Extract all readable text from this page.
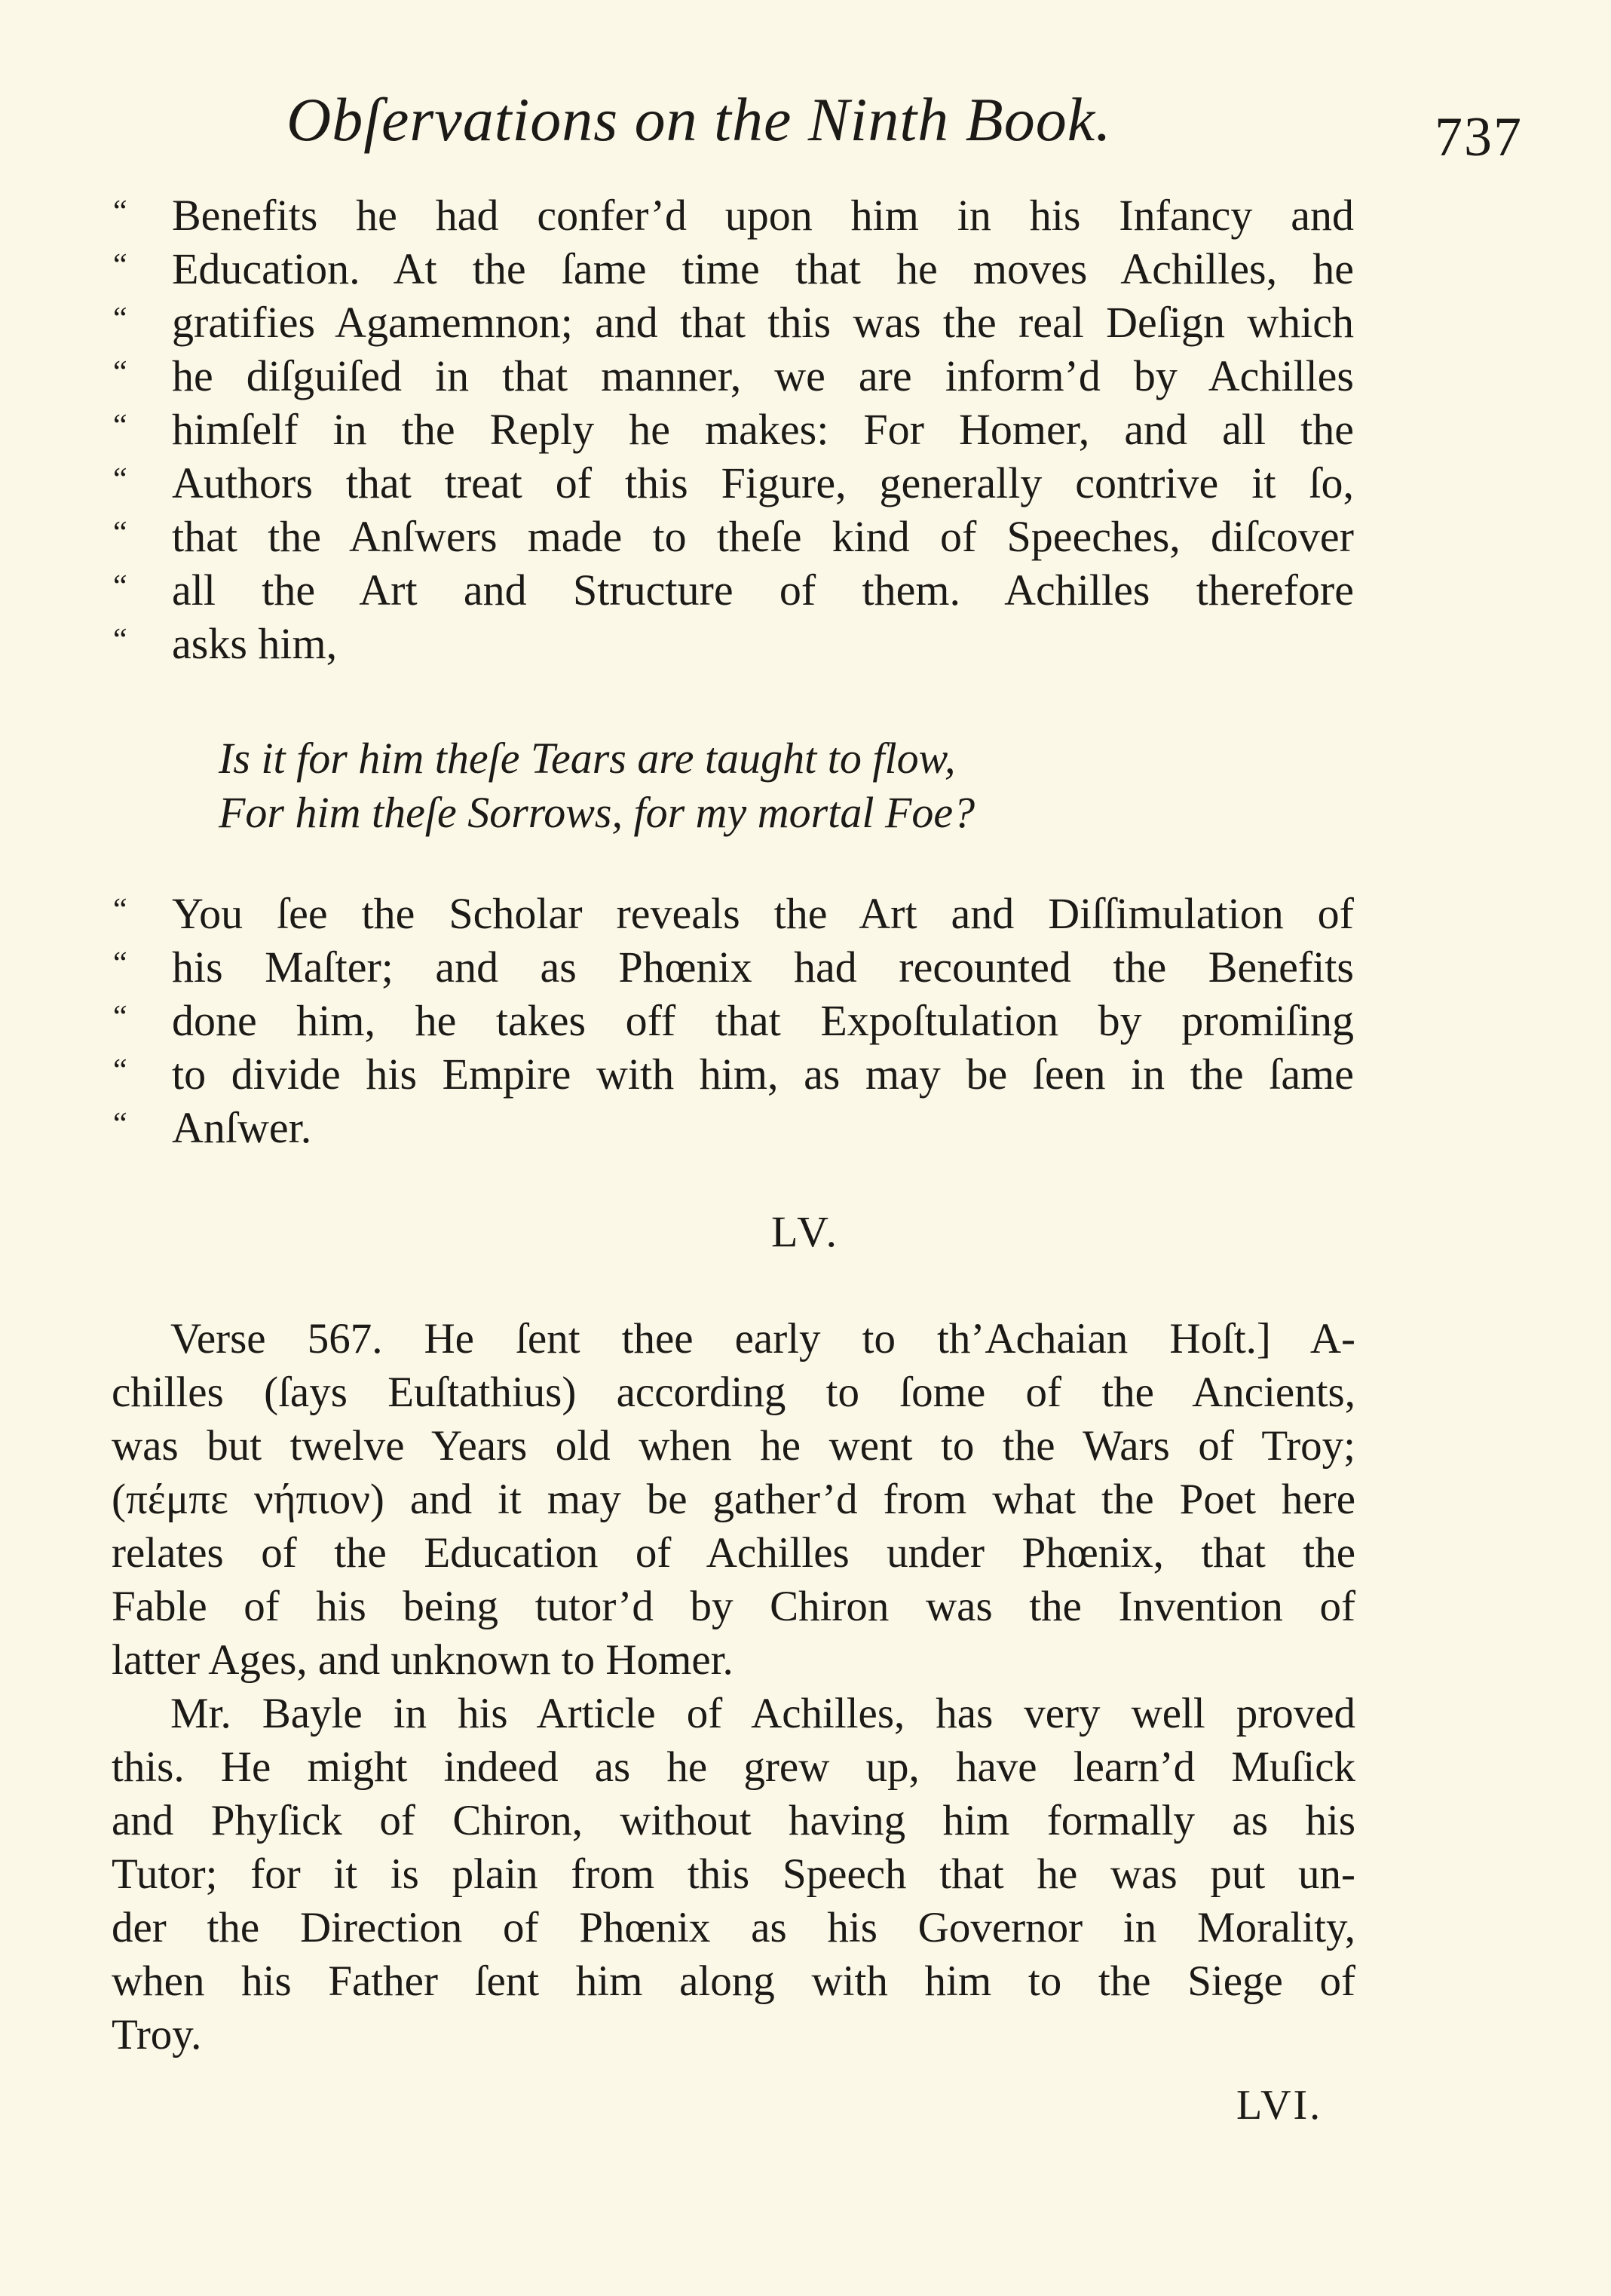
Obſervations on the Ninth Book.	737
“ Benefits he had confer’d upon him in his Infancy and
“ Education. At the ſame time that he moves Achilles, he
“ gratifies Agamemnon; and that this was the real Deſign which
“ he diſguiſed in that manner, we are inform’d by Achilles
“ himſelf in the Reply he makes: For Homer, and all the
“ Authors that treat of this Figure, generally contrive it ſo,
“ that the Anſwers made to theſe kind of Speeches, diſcover
“ all the Art and Structure of them. Achilles therefore
“ asks him,
Is it for him theſe Tears are taught to flow,
For him theſe Sorrows, for my mortal Foe?
“ You ſee the Scholar reveals the Art and Diſſimulation of
“ his Maſter; and as Phœnix had recounted the Benefits
“ done him, he takes off that Expoſtulation by promiſing
“ to divide his Empire with him, as may be ſeen in the ſame
“ Anſwer.
LV.
Verse 567. He ſent thee early to th’Achaian Hoſt.] A-
chilles (ſays Euſtathius) according to ſome of the Ancients,
was but twelve Years old when he went to the Wars of Troy;
(πέμπε νήπιον) and it may be gather’d from what the Poet here
relates of the Education of Achilles under Phœnix, that the
Fable of his being tutor’d by Chiron was the Invention of
latter Ages, and unknown to Homer.
Mr. Bayle in his Article of Achilles, has very well proved
this. He might indeed as he grew up, have learn’d Muſick
and Phyſick of Chiron, without having him formally as his
Tutor; for it is plain from this Speech that he was put un-
der the Direction of Phœnix as his Governor in Morality,
when his Father ſent him along with him to the Siege of
Troy.
LVI.
